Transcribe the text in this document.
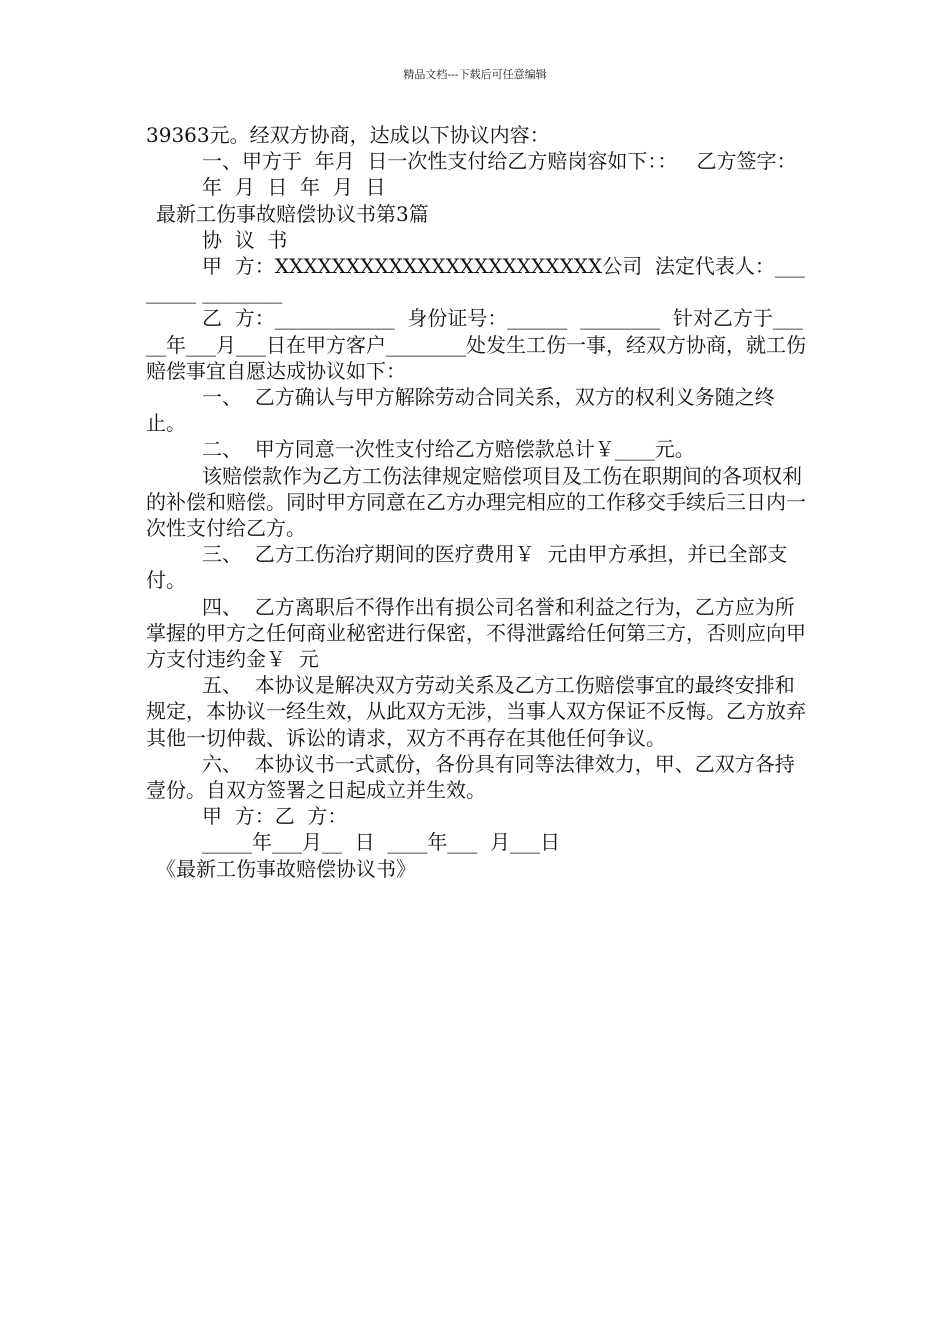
精品文档---下载后可任意编辑

39363元。经双方协商，达成以下协议内容：

一、甲方于  年月  日一次性支付给乙方赔岗容如下：：   乙方签字：

年  月  日  年  月  日

最新工伤事故赔偿协议书第3篇

协  议  书

甲  方：XXXXXXXXXXXXXXXXXXXXXXX公司  法定代表人：________ ________

乙  方：____________  身份证号：______  ________  针对乙方于_____年___月___日在甲方客户________处发生工伤一事，经双方协商，就工伤赔偿事宜自愿达成协议如下：

一、  乙方确认与甲方解除劳动合同关系，双方的权利义务随之终止。

二、  甲方同意一次性支付给乙方赔偿款总计￥____元。

该赔偿款作为乙方工伤法律规定赔偿项目及工伤在职期间的各项权利的补偿和赔偿。同时甲方同意在乙方办理完相应的工作移交手续后三日内一次性支付给乙方。

三、  乙方工伤治疗期间的医疗费用￥  元由甲方承担，并已全部支付。

四、  乙方离职后不得作出有损公司名誉和利益之行为，乙方应为所掌握的甲方之任何商业秘密进行保密，不得泄露给任何第三方，否则应向甲方支付违约金￥  元

五、  本协议是解决双方劳动关系及乙方工伤赔偿事宜的最终安排和规定，本协议一经生效，从此双方无涉，当事人双方保证不反悔。乙方放弃其他一切仲裁、诉讼的请求，双方不再存在其他任何争议。

六、  本协议书一式贰份，各份具有同等法律效力，甲、乙双方各持壹份。自双方签署之日起成立并生效。

甲  方：乙  方：

_____年___月__  日  ____年___  月___日

《最新工伤事故赔偿协议书》
